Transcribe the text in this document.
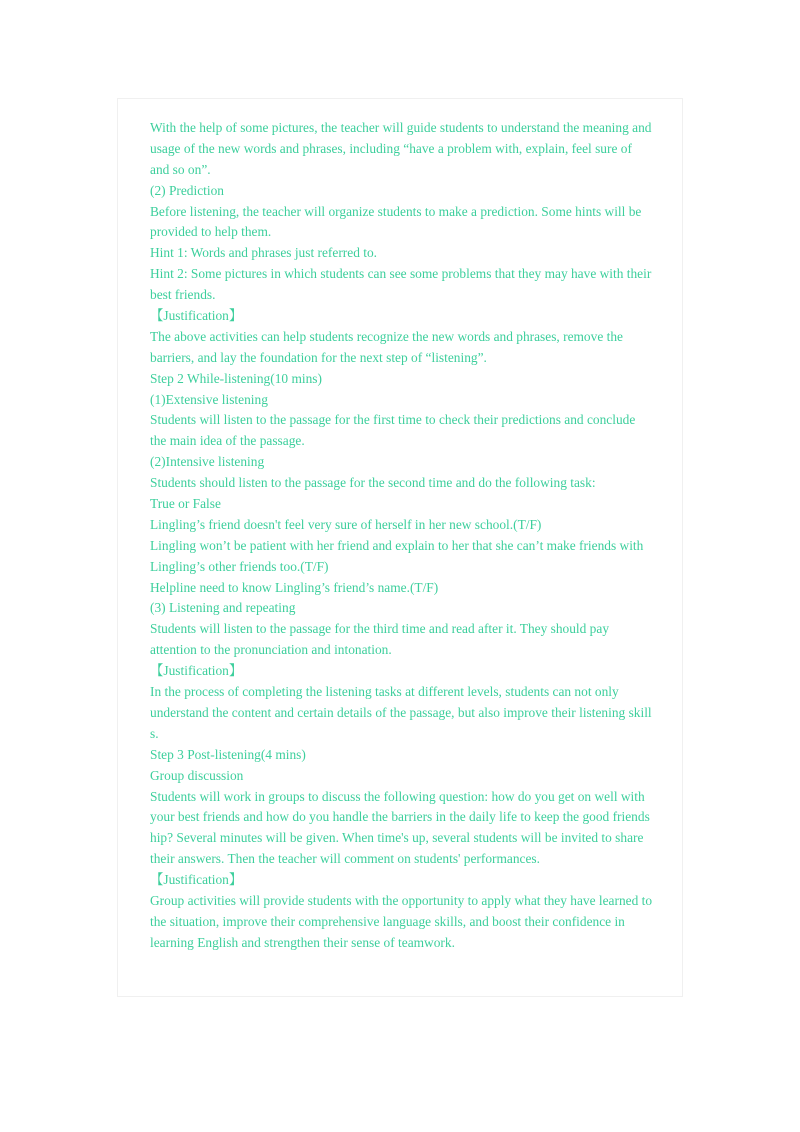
With the help of some pictures, the teacher will guide students to understand the meaning and
usage of the new words and phrases, including “have a problem with, explain, feel sure of
and so on”.
(2) Prediction
Before listening, the teacher will organize students to make a prediction. Some hints will be
provided to help them.
Hint 1: Words and phrases just referred to.
Hint 2: Some pictures in which students can see some problems that they may have with their
best friends.
【Justification】
The above activities can help students recognize the new words and phrases, remove the
barriers, and lay the foundation for the next step of “listening”.
Step 2 While-listening(10 mins)
(1)Extensive listening
Students will listen to the passage for the first time to check their predictions and conclude
the main idea of the passage.
(2)Intensive listening
Students should listen to the passage for the second time and do the following task:
True or False
Lingling’s friend doesn't feel very sure of herself in her new school.(T/F)
Lingling won’t be patient with her friend and explain to her that she can’t make friends with
Lingling’s other friends too.(T/F)
Helpline need to know Lingling’s friend’s name.(T/F)
(3) Listening and repeating
Students will listen to the passage for the third time and read after it. They should pay
attention to the pronunciation and intonation.
【Justification】
In the process of completing the listening tasks at different levels, students can not only
understand the content and certain details of the passage, but also improve their listening skill
s.
Step 3 Post-listening(4 mins)
Group discussion
Students will work in groups to discuss the following question: how do you get on well with
your best friends and how do you handle the barriers in the daily life to keep the good friends
hip? Several minutes will be given. When time's up, several students will be invited to share
their answers. Then the teacher will comment on students' performances.
【Justification】
Group activities will provide students with the opportunity to apply what they have learned to
the situation, improve their comprehensive language skills, and boost their confidence in
learning English and strengthen their sense of teamwork.
